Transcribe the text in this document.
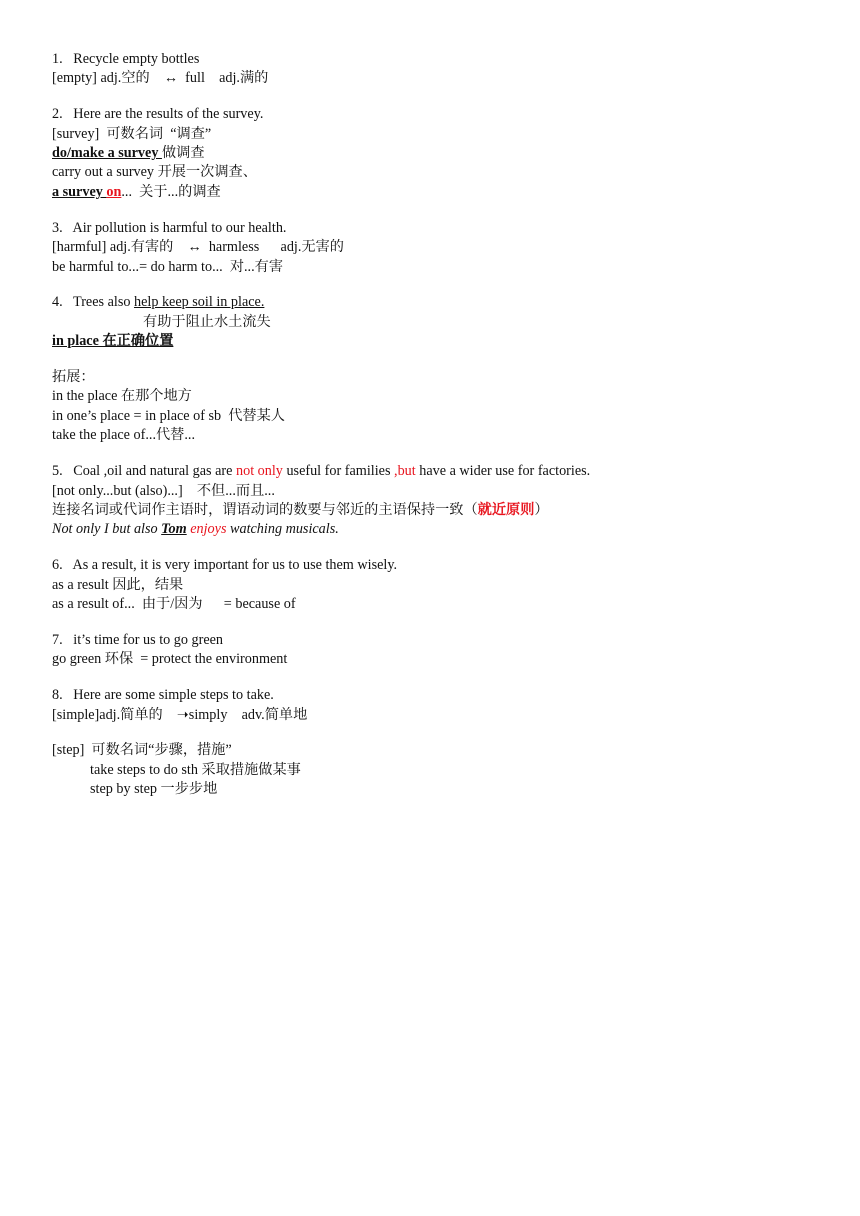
1.   Recycle empty bottles
[empty] adj.空的    ↔  full    adj.满的
2.   Here are the results of the survey.
[survey]  可数名词  “调查”
do/make a survey 做调查
carry out a survey 开展一次调查、
a survey on...  关于...的调查
3.   Air pollution is harmful to our health.
[harmful] adj.有害的    ↔  harmless      adj.无害的
be harmful to...= do harm to...  对...有害
4.   Trees also help keep soil in place.
有助于阻止水土流失
in place 在正确位置
拓展：
in the place 在那个地方
in one’s place = in place of sb  代替某人
take the place of...代替...
5.   Coal ,oil and natural gas are not only useful for families ,but have a wider use for factories.
[not only...but (also)...]    不但...而且...
连接名词或代词作主语时，谓语动词的数要与邻近的主语保持一致（就近原则）
Not only I but also Tom enjoys watching musicals.
6.   As a result, it is very important for us to use them wisely.
as a result 因此，结果
as a result of...  由于/因为      = because of
7.   it’s time for us to go green
go green 环保  = protect the environment
8.   Here are some simple steps to take.
[simple]adj.简单的    ➝simply    adv.简单地
[step]  可数名词“步骤，措施”
take steps to do sth 采取措施做某事
step by step 一步步地
